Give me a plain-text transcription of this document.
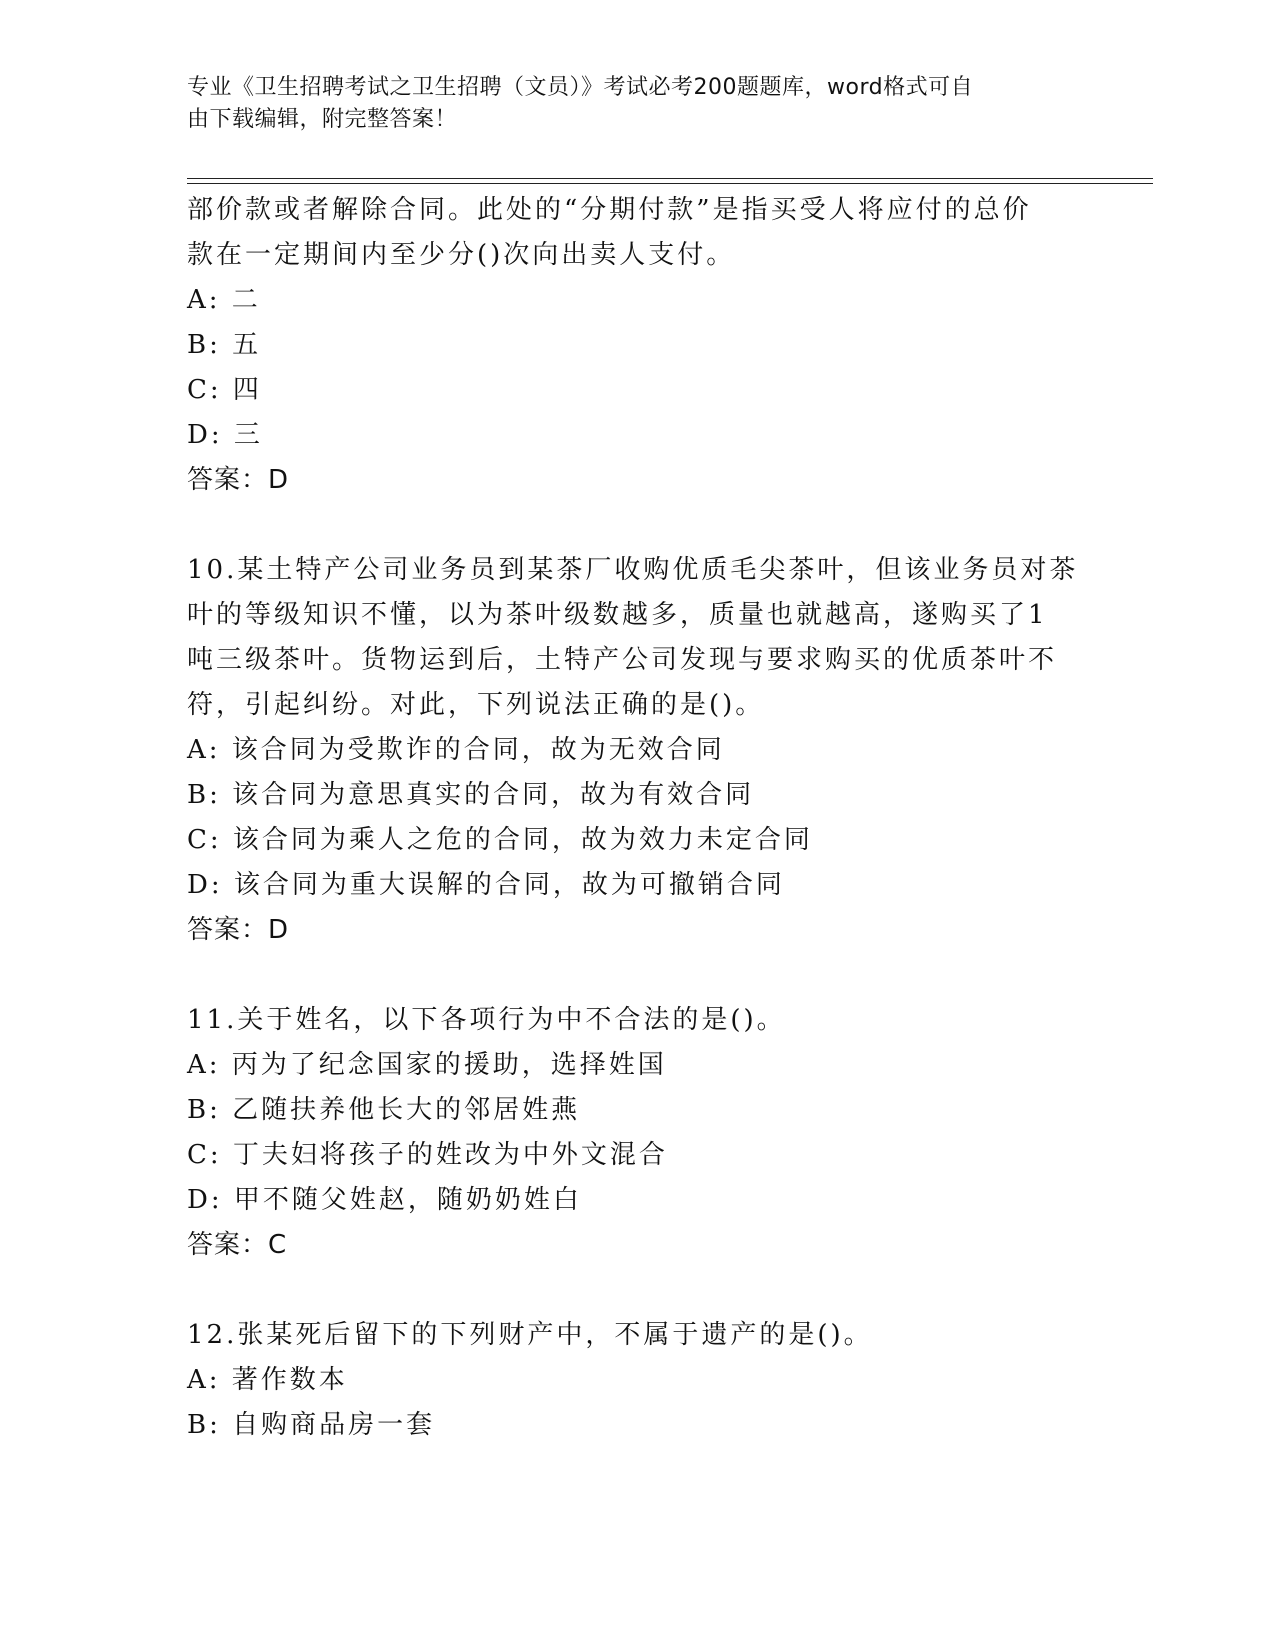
专业《卫生招聘考试之卫生招聘（文员）》考试必考200题题库，word格式可自
由下载编辑，附完整答案！
部价款或者解除合同。此处的“分期付款”是指买受人将应付的总价
款在一定期间内至少分()次向出卖人支付。
A: 二
B: 五
C: 四
D: 三
答案：D
10.某土特产公司业务员到某茶厂收购优质毛尖茶叶，但该业务员对茶
叶的等级知识不懂，以为茶叶级数越多，质量也就越高，遂购买了1
吨三级茶叶。货物运到后，土特产公司发现与要求购买的优质茶叶不
符，引起纠纷。对此，下列说法正确的是()。
A: 该合同为受欺诈的合同，故为无效合同
B: 该合同为意思真实的合同，故为有效合同
C: 该合同为乘人之危的合同，故为效力未定合同
D: 该合同为重大误解的合同，故为可撤销合同
答案：D
11.关于姓名，以下各项行为中不合法的是()。
A: 丙为了纪念国家的援助，选择姓国
B: 乙随扶养他长大的邻居姓燕
C: 丁夫妇将孩子的姓改为中外文混合
D: 甲不随父姓赵，随奶奶姓白
答案：C
12.张某死后留下的下列财产中，不属于遗产的是()。
A: 著作数本
B: 自购商品房一套
